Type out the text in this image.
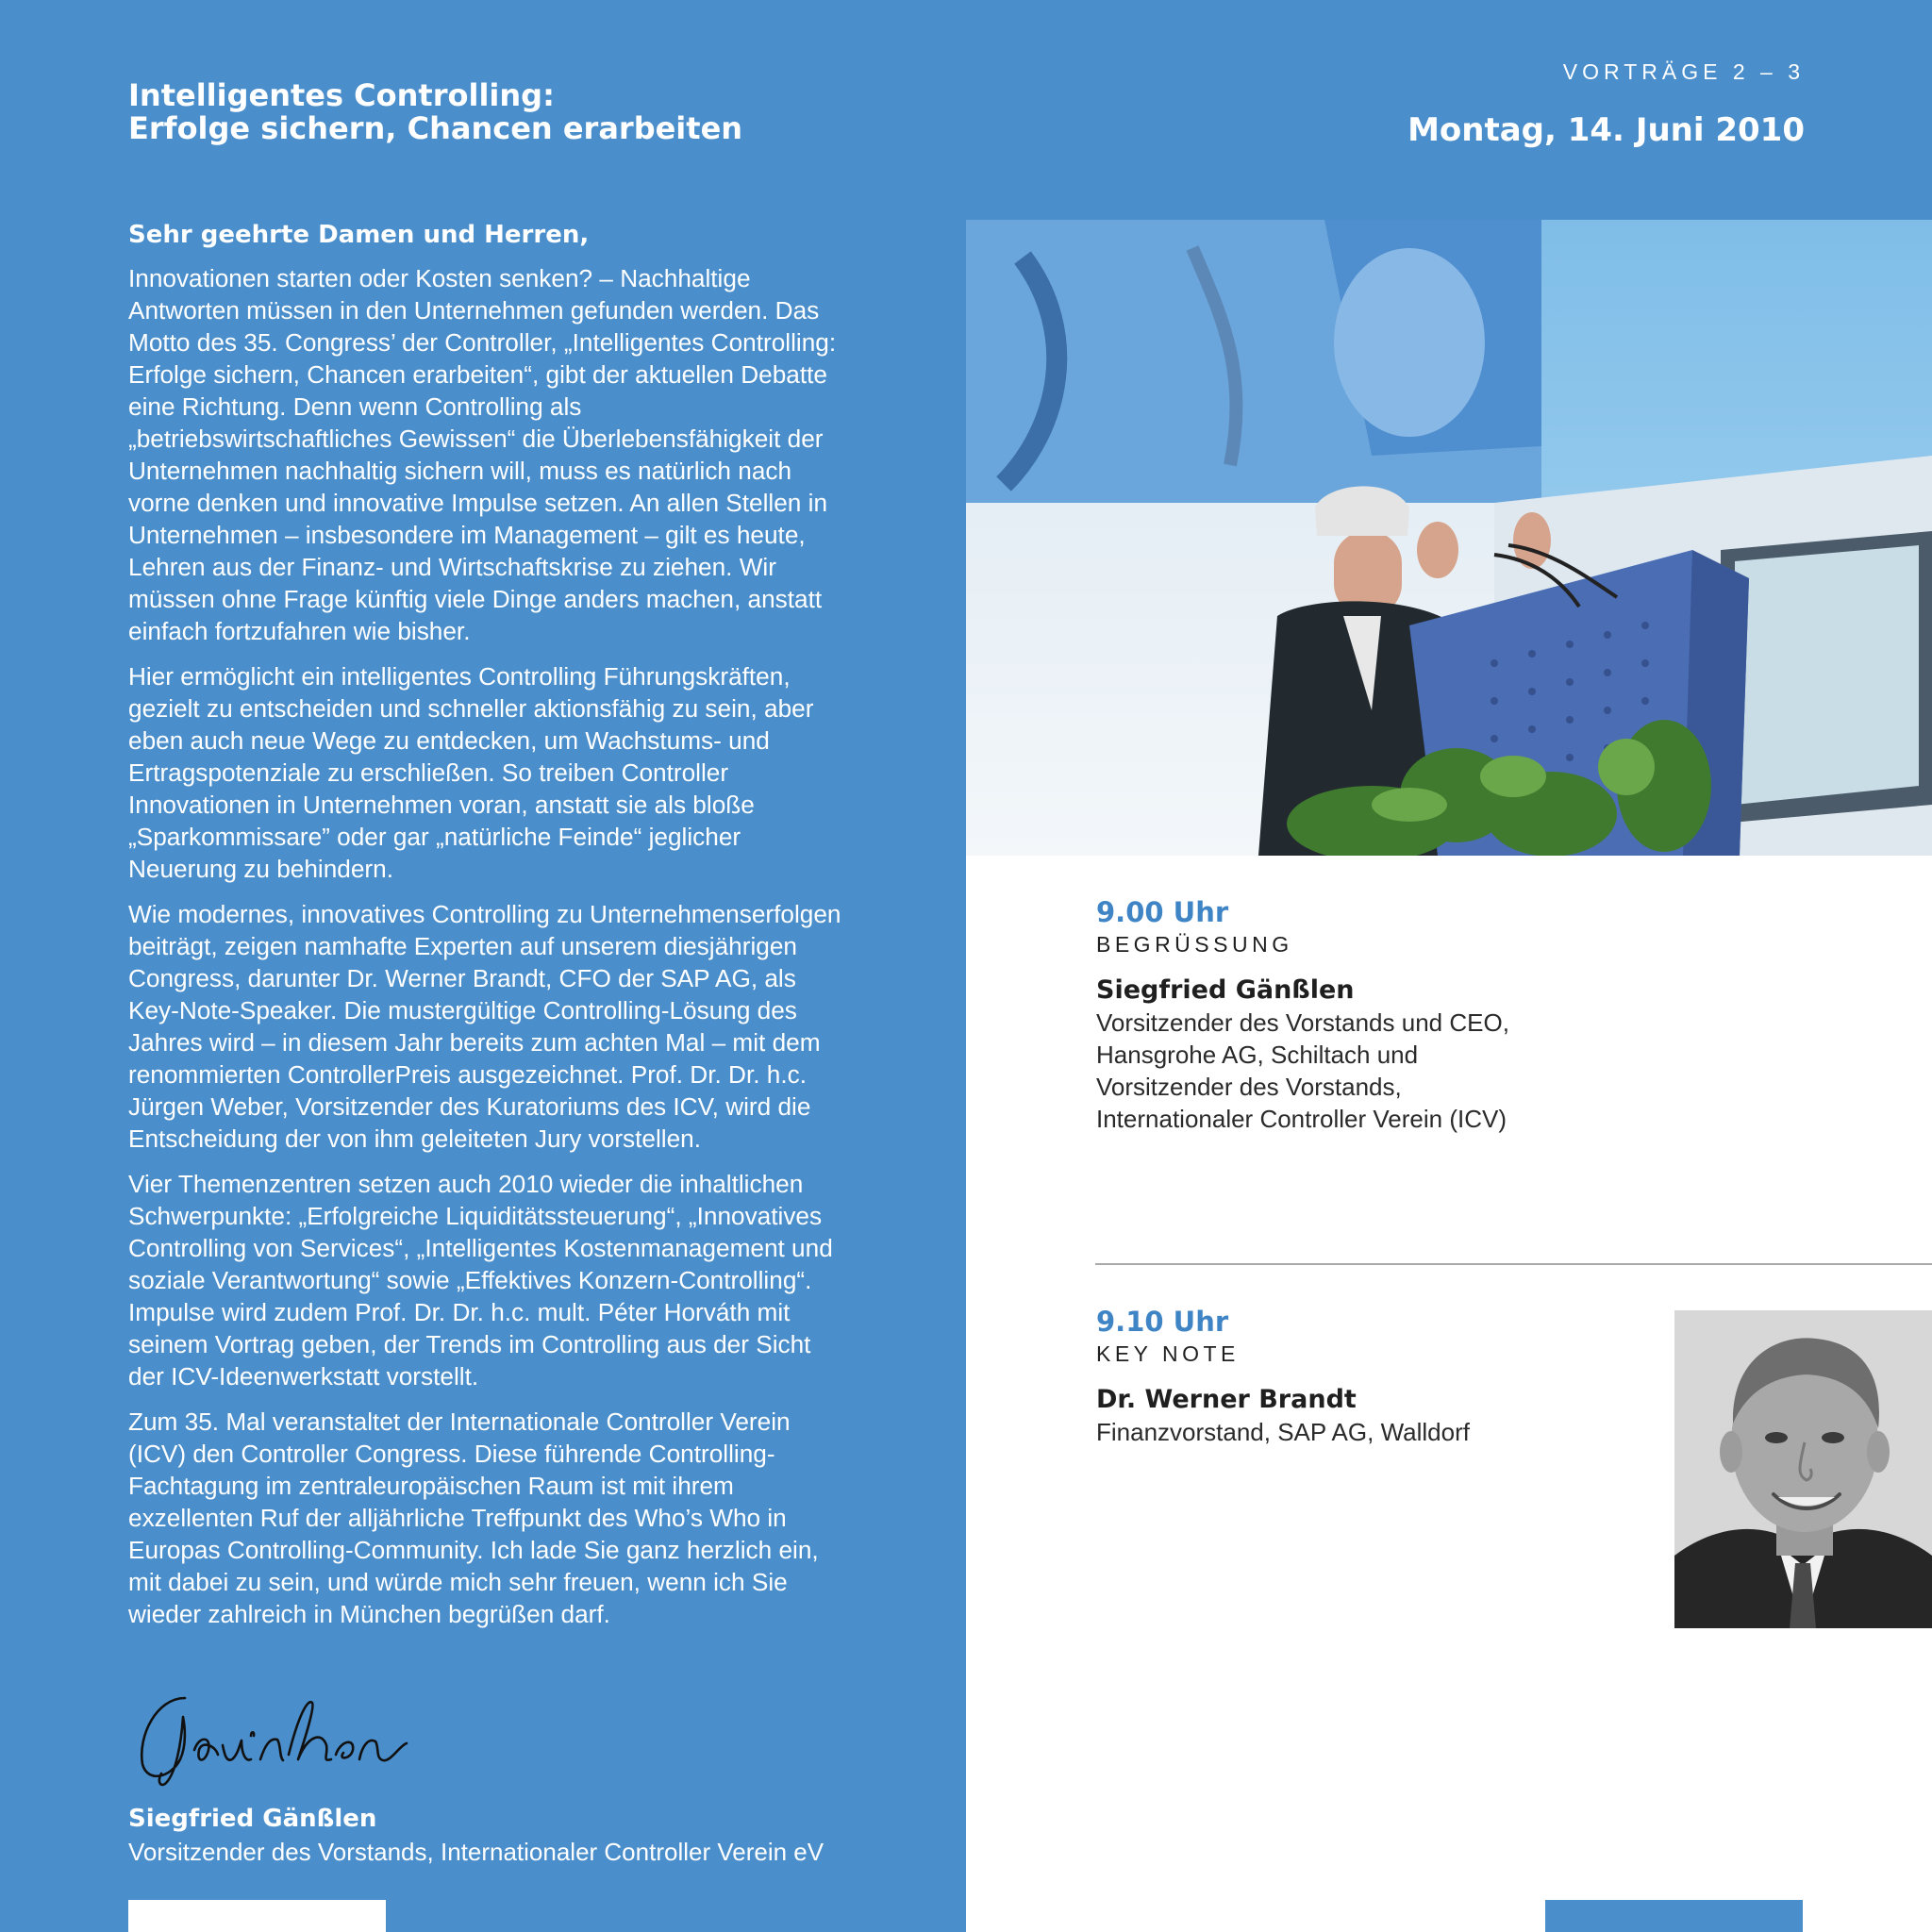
Intelligentes Controlling:
Erfolge sichern, Chancen erarbeiten
VORTRÄGE 2 – 3
Montag, 14. Juni 2010
Sehr geehrte Damen und Herren,

Innovationen starten oder Kosten senken? – Nachhaltige Antworten müssen in den Unternehmen gefunden werden. Das Motto des 35. Congress’ der Controller, „Intelligentes Controlling: Erfolge sichern, Chancen erarbeiten“, gibt der aktuellen Debatte eine Richtung. Denn wenn Controlling als „betriebswirtschaftliches Gewissen“ die Überlebensfähigkeit der Unternehmen nachhaltig sichern will, muss es natürlich nach vorne denken und innovative Impulse setzen. An allen Stellen in Unternehmen – insbesondere im Management – gilt es heute, Lehren aus der Finanz- und Wirtschaftskrise zu ziehen. Wir müssen ohne Frage künftig viele Dinge anders machen, anstatt einfach fortzufahren wie bisher.

Hier ermöglicht ein intelligentes Controlling Führungskräften, gezielt zu entscheiden und schneller aktionsfähig zu sein, aber eben auch neue Wege zu entdecken, um Wachstums- und Ertragspotenziale zu erschließen. So treiben Controller Innovationen in Unternehmen voran, anstatt sie als bloße „Sparkommissare” oder gar „natürliche Feinde“ jeglicher Neuerung zu behindern.

Wie modernes, innovatives Controlling zu Unternehmenserfolgen beiträgt, zeigen namhafte Experten auf unserem diesjährigen Congress, darunter Dr. Werner Brandt, CFO der SAP AG, als Key-Note-Speaker. Die mustergültige Controlling-Lösung des Jahres wird – in diesem Jahr bereits zum achten Mal – mit dem renommierten ControllerPreis ausgezeichnet. Prof. Dr. Dr. h.c. Jürgen Weber, Vorsitzender des Kuratoriums des ICV, wird die Entscheidung der von ihm geleiteten Jury vorstellen.

Vier Themenzentren setzen auch 2010 wieder die inhaltlichen Schwerpunkte: „Erfolgreiche Liquiditätssteuerung“, „Innovatives Controlling von Services“, „Intelligentes Kostenmanagement und soziale Verantwortung“ sowie „Effektives Konzern-Controlling“. Impulse wird zudem Prof. Dr. Dr. h.c. mult. Péter Horváth mit seinem Vortrag geben, der Trends im Controlling aus der Sicht der ICV-Ideenwerkstatt vorstellt.

Zum 35. Mal veranstaltet der Internationale Controller Verein (ICV) den Controller Congress. Diese führende Controlling-Fachtagung im zentraleuropäischen Raum ist mit ihrem exzellenten Ruf der alljährliche Treffpunkt des Who’s Who in Europas Controlling-Community. Ich lade Sie ganz herzlich ein, mit dabei zu sein, und würde mich sehr freuen, wenn ich Sie wieder zahlreich in München begrüßen darf.

Siegfried Gänßlen
Vorsitzender des Vorstands, Internationaler Controller Verein eV
9.00 Uhr
BEGRÜSSUNG
Siegfried Gänßlen
Vorsitzender des Vorstands und CEO,
Hansgrohe AG, Schiltach und
Vorsitzender des Vorstands,
Internationaler Controller Verein (ICV)
9.10 Uhr
KEY NOTE
Dr. Werner Brandt
Finanzvorstand, SAP AG, Walldorf
